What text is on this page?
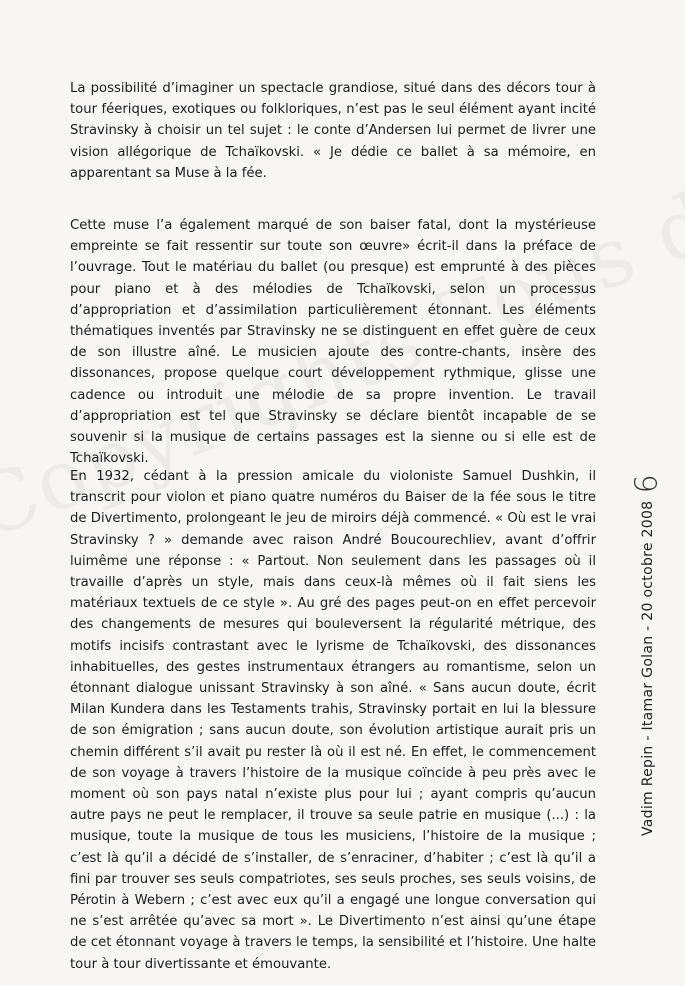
La possibilité d’imaginer un spectacle grandiose, situé dans des décors tour à tour féeriques, exotiques ou folkloriques, n’est pas le seul élément ayant incité Stravinsky à choisir un tel sujet : le conte d’Andersen lui permet de livrer une vision allégorique de Tchaïkovski. « Je dédie ce ballet à sa mémoire, en apparentant sa Muse à la fée.

Cette muse l’a également marqué de son baiser fatal, dont la mystérieuse empreinte se fait ressentir sur toute son œuvre» écrit-il dans la préface de l’ouvrage. Tout le matériau du ballet (ou presque) est emprunté à des pièces pour piano et à des mélodies de Tchaïkovski, selon un processus d’appropriation et d’assimilation particulièrement étonnant. Les éléments thématiques inventés par Stravinsky ne se distinguent en effet guère de ceux de son illustre aîné. Le musicien ajoute des contre-chants, insère des dissonances, propose quelque court développement rythmique, glisse une cadence ou introduit une mélodie de sa propre invention. Le travail d’appropriation est tel que Stravinsky se déclare bientôt incapable de se souvenir si la musique de certains passages est la sienne ou si elle est de Tchaïkovski.

En 1932, cédant à la pression amicale du violoniste Samuel Dushkin, il transcrit pour violon et piano quatre numéros du Baiser de la fée sous le titre de Divertimento, prolongeant le jeu de miroirs déjà commencé. « Où est le vrai Stravinsky ? » demande avec raison André Boucourechliev, avant d’offrir luimême une réponse : « Partout. Non seulement dans les passages où il travaille d’après un style, mais dans ceux-là mêmes où il fait siens les matériaux textuels de ce style ». Au gré des pages peut-on en effet percevoir des changements de mesures qui bouleversent la régularité métrique, des motifs incisifs contrastant avec le lyrisme de Tchaïkovski, des dissonances inhabituelles, des gestes instrumentaux étrangers au romantisme, selon un étonnant dialogue unissant Stravinsky à son aîné. « Sans aucun doute, écrit Milan Kundera dans les Testaments trahis, Stravinsky portait en lui la blessure de son émigration ; sans aucun doute, son évolution artistique aurait pris un chemin différent s’il avait pu rester là où il est né. En effet, le commencement de son voyage à travers l’histoire de la musique coïncide à peu près avec le moment où son pays natal n’existe plus pour lui ; ayant compris qu’aucun autre pays ne peut le remplacer, il trouve sa seule patrie en musique (...) : la musique, toute la musique de tous les musiciens, l’histoire de la musique ; c’est là qu’il a décidé de s’installer, de s’enraciner, d’habiter ; c’est là qu’il a fini par trouver ses seuls compatriotes, ses seuls proches, ses seuls voisins, de Pérotin à Webern ; c’est avec eux qu’il a engagé une longue conversation qui ne s’est arrêtée qu’avec sa mort ». Le Divertimento n’est ainsi qu’une étape de cet étonnant voyage à travers le temps, la sensibilité et l’histoire. Une halte tour à tour divertissante et émouvante.

9
Vadim Repin - Itamar Golan - 20 octobre 2008
